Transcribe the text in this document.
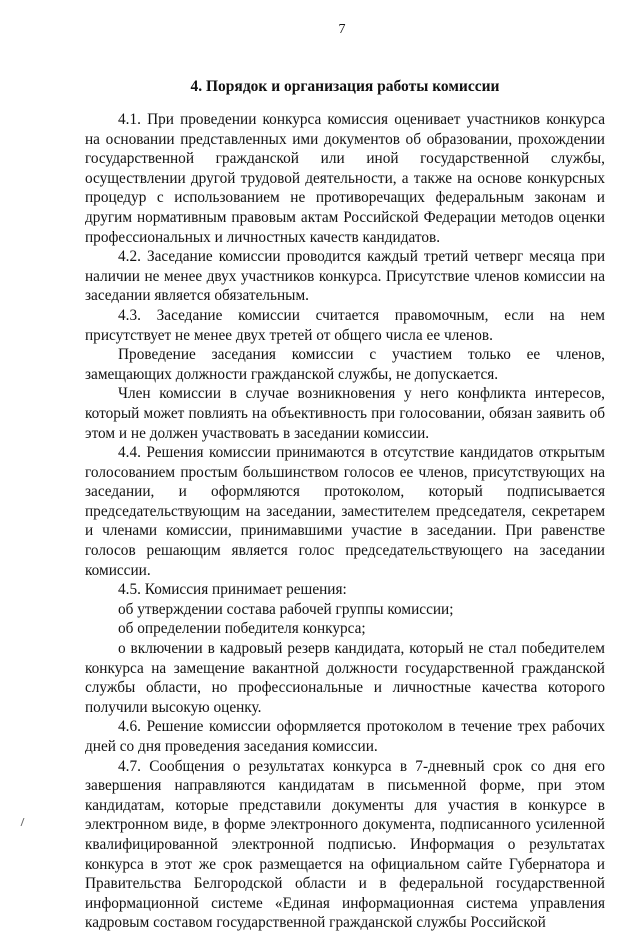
7
4. Порядок и организация работы комиссии

4.1. При проведении конкурса комиссия оценивает участников конкурса на основании представленных ими документов об образовании, прохождении государственной гражданской или иной государственной службы, осуществлении другой трудовой деятельности, а также на основе конкурсных процедур с использованием не противоречащих федеральным законам и другим нормативным правовым актам Российской Федерации методов оценки профессиональных и личностных качеств кандидатов.

4.2. Заседание комиссии проводится каждый третий четверг месяца при наличии не менее двух участников конкурса. Присутствие членов комиссии на заседании является обязательным.

4.3. Заседание комиссии считается правомочным, если на нем присутствует не менее двух третей от общего числа ее членов.

Проведение заседания комиссии с участием только ее членов, замещающих должности гражданской службы, не допускается.

Член комиссии в случае возникновения у него конфликта интересов, который может повлиять на объективность при голосовании, обязан заявить об этом и не должен участвовать в заседании комиссии.

4.4. Решения комиссии принимаются в отсутствие кандидатов открытым голосованием простым большинством голосов ее членов, присутствующих на заседании, и оформляются протоколом, который подписывается председательствующим на заседании, заместителем председателя, секретарем и членами комиссии, принимавшими участие в заседании. При равенстве голосов решающим является голос председательствующего на заседании комиссии.

4.5. Комиссия принимает решения:

об утверждении состава рабочей группы комиссии;

об определении победителя конкурса;

о включении в кадровый резерв кандидата, который не стал победителем конкурса на замещение вакантной должности государственной гражданской службы области, но профессиональные и личностные качества которого получили высокую оценку.

4.6. Решение комиссии оформляется протоколом в течение трех рабочих дней со дня проведения заседания комиссии.

4.7. Сообщения о результатах конкурса в 7-дневный срок со дня его завершения направляются кандидатам в письменной форме, при этом кандидатам, которые представили документы для участия в конкурсе в электронном виде, в форме электронного документа, подписанного усиленной квалифицированной электронной подписью. Информация о результатах конкурса в этот же срок размещается на официальном сайте Губернатора и Правительства Белгородской области и в федеральной государственной информационной системе «Единая информационная система управления кадровым составом государственной гражданской службы Российской
